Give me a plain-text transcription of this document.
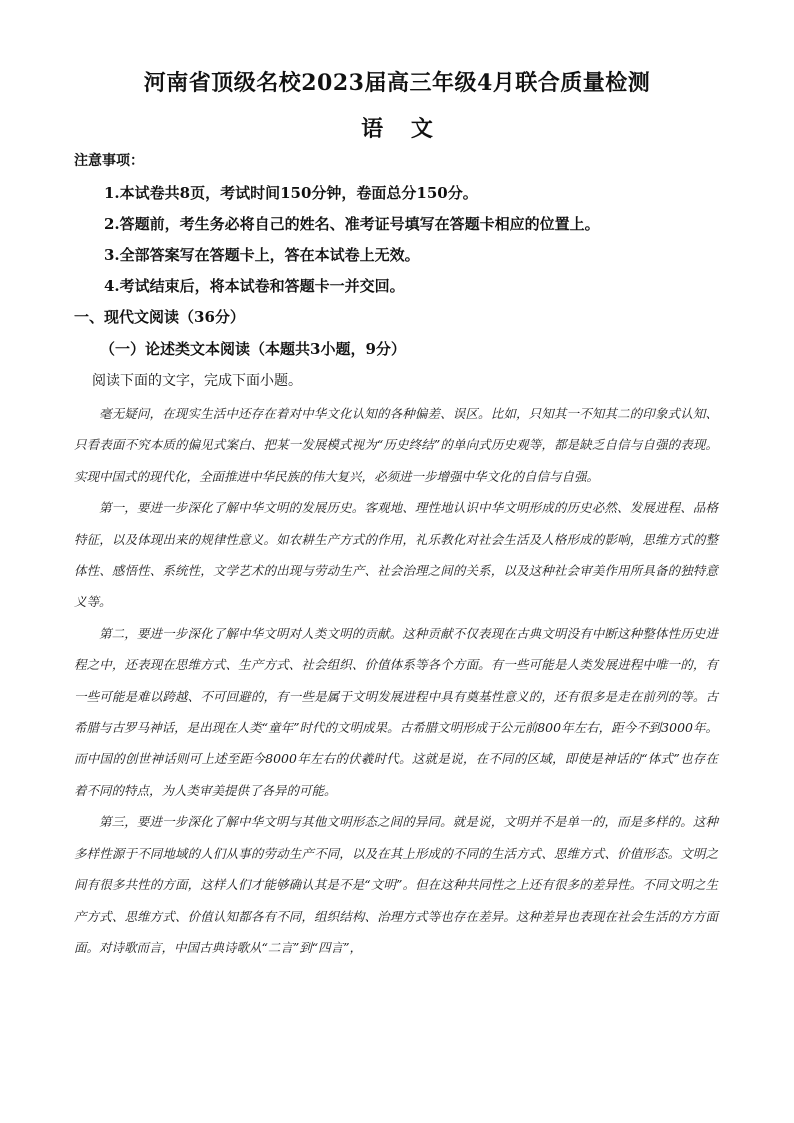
河南省顶级名校2023届高三年级4月联合质量检测
语 文
注意事项：
1.本试卷共8页，考试时间150分钟，卷面总分150分。
2.答题前，考生务必将自己的姓名、准考证号填写在答题卡相应的位置上。
3.全部答案写在答题卡上，答在本试卷上无效。
4.考试结束后，将本试卷和答题卡一并交回。
一、现代文阅读（36分）
（一）论述类文本阅读（本题共3小题，9分）
阅读下面的文字，完成下面小题。

毫无疑问，在现实生活中还存在着对中华文化认知的各种偏差、误区。比如，只知其一不知其二的印象式认知、只看表面不究本质的偏见式案白、把某一发展模式视为“历史终结”的单向式历史观等，都是缺乏自信与自强的表现。实现中国式的现代化，全面推进中华民族的伟大复兴，必须进一步增强中华文化的自信与自强。

第一，要进一步深化了解中华文明的发展历史。客观地、理性地认识中华文明形成的历史必然、发展进程、品格特征，以及体现出来的规律性意义。如农耕生产方式的作用，礼乐教化对社会生活及人格形成的影响，思维方式的整体性、感悟性、系统性，文学艺术的出现与劳动生产、社会治理之间的关系，以及这种社会审美作用所具备的独特意义等。

第二，要进一步深化了解中华文明对人类文明的贡献。这种贡献不仅表现在古典文明没有中断这种整体性历史进程之中，还表现在思维方式、生产方式、社会组织、价值体系等各个方面。有一些可能是人类发展进程中唯一的，有一些可能是难以跨越、不可回避的，有一些是属于文明发展进程中具有奠基性意义的，还有很多是走在前列的等。古希腊与古罗马神话，是出现在人类“童年”时代的文明成果。古希腊文明形成于公元前800年左右，距今不到3000年。而中国的创世神话则可上述至距今8000年左右的伏羲时代。这就是说，在不同的区域，即使是神话的“体式”也存在着不同的特点，为人类审美提供了各异的可能。

第三，要进一步深化了解中华文明与其他文明形态之间的异同。就是说，文明并不是单一的，而是多样的。这种多样性源于不同地域的人们从事的劳动生产不同，以及在其上形成的不同的生活方式、思维方式、价值形态。文明之间有很多共性的方面，这样人们才能够确认其是不是“文明”。但在这种共同性之上还有很多的差异性。不同文明之生产方式、思维方式、价值认知都各有不同，组织结构、治理方式等也存在差异。这种差异也表现在社会生活的方方面面。对诗歌而言，中国古典诗歌从“二言”到“四言”，
